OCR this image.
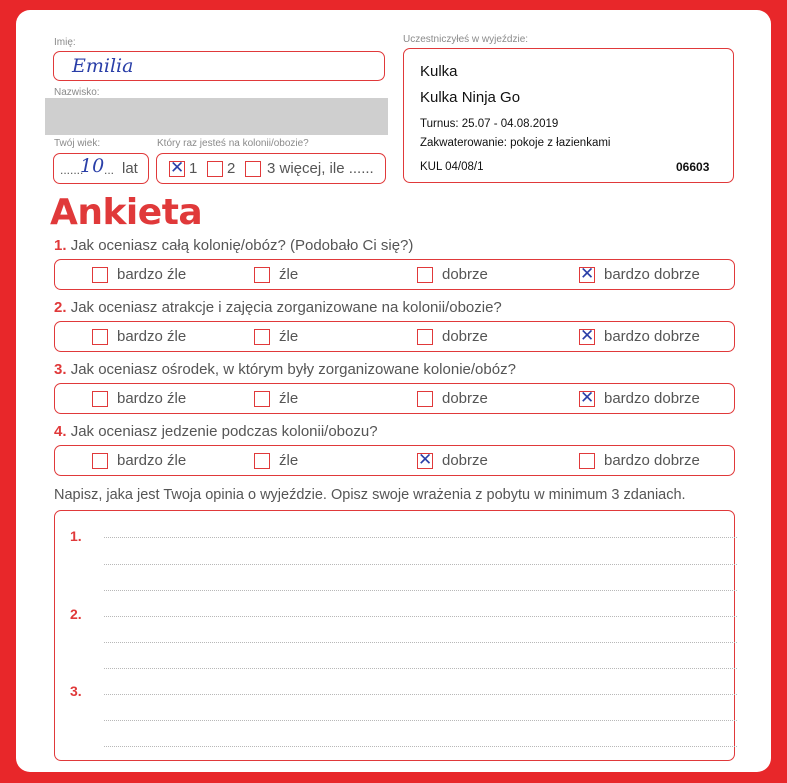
Imię:
Emilia
Nazwisko:
Twój wiek:
.......
10 ... lat
Który raz jesteś na kolonii/obozie?
✕ 1 2 3 więcej, ile ......
Uczestniczyłeś w wyjeździe:
Kulka
Kulka Ninja Go
Turnus: 25.07 - 04.08.2019
Zakwaterowanie: pokoje z łazienkami
KUL 04/08/1	06603
Ankieta
1. Jak oceniasz całą kolonię/obóz? (Podobało Ci się?)
bardzo źle	źle	dobrze	✕ bardzo dobrze
2. Jak oceniasz atrakcje i zajęcia zorganizowane na kolonii/obozie?
bardzo źle	źle	dobrze	✕ bardzo dobrze
3. Jak oceniasz ośrodek, w którym były zorganizowane kolonie/obóz?
bardzo źle	źle	dobrze	✕ bardzo dobrze
4. Jak oceniasz jedzenie podczas kolonii/obozu?
bardzo źle	źle	✕ dobrze	bardzo dobrze
Napisz, jaka jest Twoja opinia o wyjeździe. Opisz swoje wrażenia z pobytu w minimum 3 zdaniach.
1.
2.
3.
